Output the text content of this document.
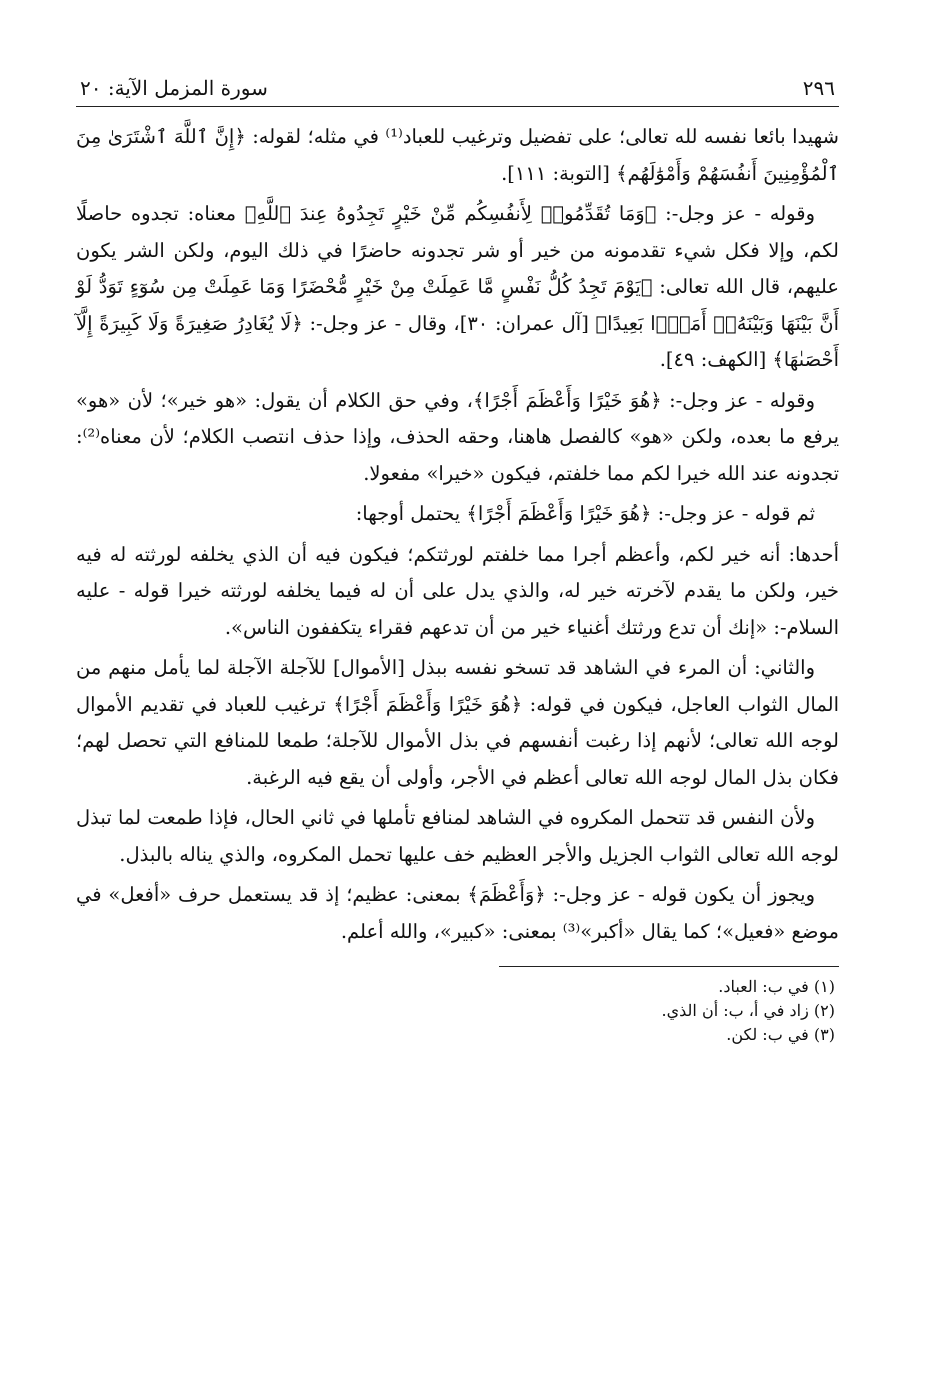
٢٩٦
سورة المزمل الآية: ٢٠

شهيدا بائعا نفسه لله تعالى؛ على تفضيل وترغيب للعباد⁽¹⁾ في مثله؛ لقوله: ﴿إِنَّ ٱللَّهَ ٱشْتَرَىٰ مِنَ ٱلْمُؤْمِنِينَ أَنفُسَهُمْ وَأَمْوَٰلَهُم﴾ [التوبة: ١١١].

وقوله - عز وجل-: ﴿وَمَا تُقَدِّمُوا۟ لِأَنفُسِكُم مِّنْ خَيْرٍ تَجِدُوهُ عِندَ ٱللَّهِ﴾ معناه: تجدوه حاصلًا لكم، وإلا فكل شيء تقدمونه من خير أو شر تجدونه حاضرًا في ذلك اليوم، ولكن الشر يكون عليهم، قال الله تعالى: ﴿يَوْمَ تَجِدُ كُلُّ نَفْسٍ مَّا عَمِلَتْ مِنْ خَيْرٍ مُّحْضَرًا وَمَا عَمِلَتْ مِن سُوٓءٍ تَوَدُّ لَوْ أَنَّ بَيْنَهَا وَبَيْنَهُۥٓ أَمَدًۢا بَعِيدًا﴾ [آل عمران: ٣٠]، وقال - عز وجل-: ﴿لَا يُغَادِرُ صَغِيرَةً وَلَا كَبِيرَةً إِلَّآ أَحْصَىٰهَا﴾ [الكهف: ٤٩].

وقوله - عز وجل-: ﴿هُوَ خَيْرًا وَأَعْظَمَ أَجْرًا﴾، وفي حق الكلام أن يقول: «هو خير»؛ لأن «هو» يرفع ما بعده، ولكن «هو» كالفصل هاهنا، وحقه الحذف، وإذا حذف انتصب الكلام؛ لأن معناه⁽²⁾: تجدونه عند الله خيرا لكم مما خلفتم، فيكون «خيرا» مفعولا.

ثم قوله - عز وجل-: ﴿هُوَ خَيْرًا وَأَعْظَمَ أَجْرًا﴾ يحتمل أوجها:

أحدها: أنه خير لكم، وأعظم أجرا مما خلفتم لورثتكم؛ فيكون فيه أن الذي يخلفه لورثته له فيه خير، ولكن ما يقدم لآخرته خير له، والذي يدل على أن له فيما يخلفه لورثته خيرا قوله - عليه السلام-: «إنك أن تدع ورثتك أغنياء خير من أن تدعهم فقراء يتكففون الناس».

والثاني: أن المرء في الشاهد قد تسخو نفسه ببذل [الأموال] للآجلة الآجلة لما يأمل منهم من المال الثواب العاجل، فيكون في قوله: ﴿هُوَ خَيْرًا وَأَعْظَمَ أَجْرًا﴾ ترغيب للعباد في تقديم الأموال لوجه الله تعالى؛ لأنهم إذا رغبت أنفسهم في بذل الأموال للآجلة؛ طمعا للمنافع التي تحصل لهم؛ فكان بذل المال لوجه الله تعالى أعظم في الأجر، وأولى أن يقع فيه الرغبة.

ولأن النفس قد تتحمل المكروه في الشاهد لمنافع تأملها في ثاني الحال، فإذا طمعت لما تبذل لوجه الله تعالى الثواب الجزيل والأجر العظيم خف عليها تحمل المكروه، والذي يناله بالبذل.

ويجوز أن يكون قوله - عز وجل-: ﴿وَأَعْظَمَ﴾ بمعنى: عظيم؛ إذ قد يستعمل حرف «أفعل» في موضع «فعيل»؛ كما يقال «أكبر»⁽³⁾ بمعنى: «كبير»، والله أعلم.

(١) في ب: العباد.
(٢) زاد في أ، ب: أن الذي.
(٣) في ب: لكن.
